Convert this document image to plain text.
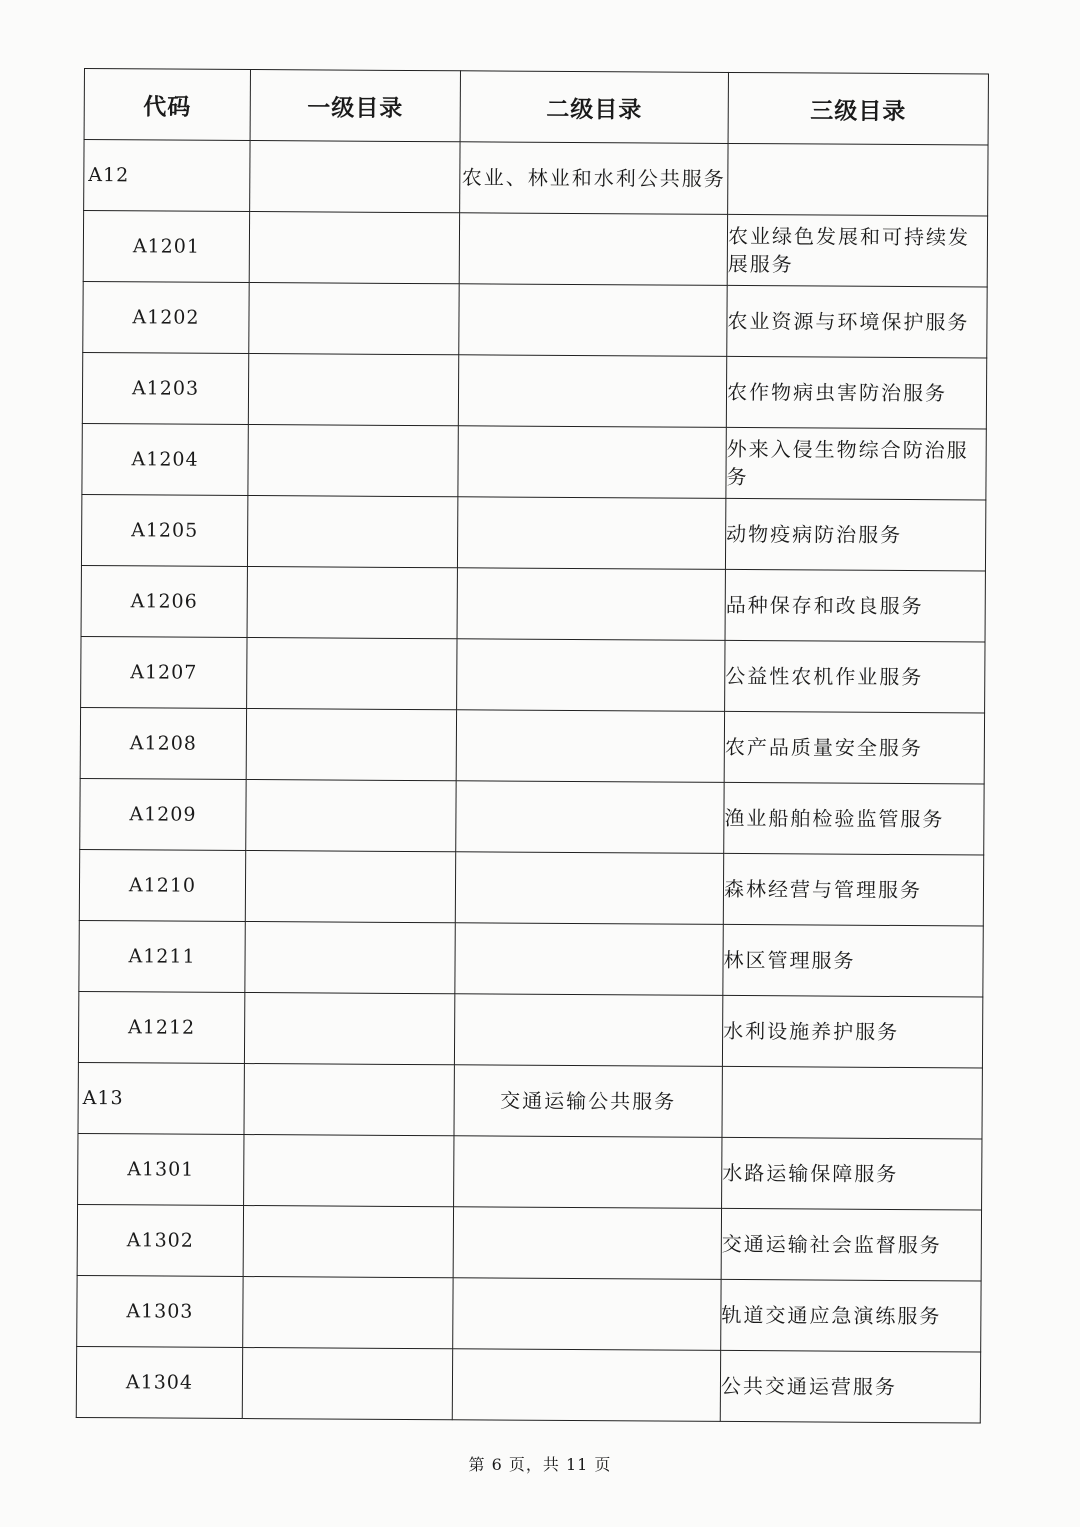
代码	一级目录	二级目录	三级目录
A12		农业、林业和水利公共服务	
A1201			农业绿色发展和可持续发展服务
A1202			农业资源与环境保护服务
A1203			农作物病虫害防治服务
A1204			外来入侵生物综合防治服务
A1205			动物疫病防治服务
A1206			品种保存和改良服务
A1207			公益性农机作业服务
A1208			农产品质量安全服务
A1209			渔业船舶检验监管服务
A1210			森林经营与管理服务
A1211			林区管理服务
A1212			水利设施养护服务
A13		交通运输公共服务	
A1301			水路运输保障服务
A1302			交通运输社会监督服务
A1303			轨道交通应急演练服务
A1304			公共交通运营服务
第 6 页，共 11 页
